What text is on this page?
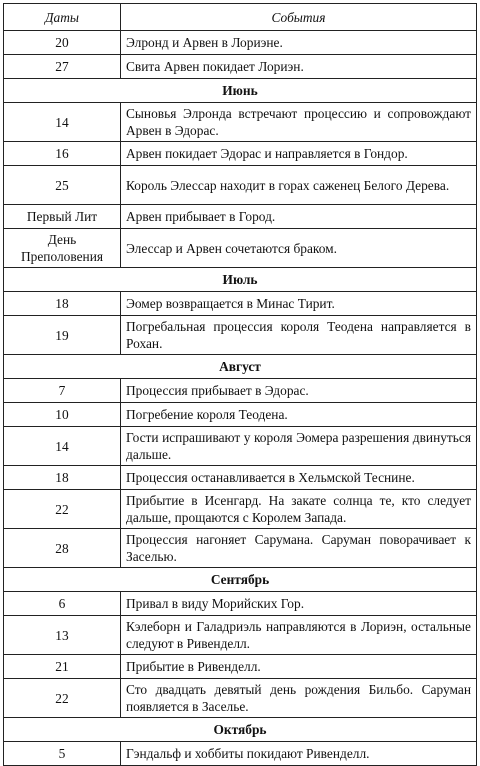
Даты	События
20	Элронд и Арвен в Лориэне.
27	Свита Арвен покидает Лориэн.
Июнь	
14	Сыновья Элронда встречают процессию и сопровождают Арвен в Эдорас.
16	Арвен покидает Эдорас и направляется в Гондор.
25	Король Элессар находит в горах саженец Белого Дерева.
Первый Лит	Арвен прибывает в Город.
День Преполовения	Элессар и Арвен сочетаются браком.
Июль	
18	Эомер возвращается в Минас Тирит.
19	Погребальная процессия короля Теодена направляется в Рохан.
Август	
7	Процессия прибывает в Эдорас.
10	Погребение короля Теодена.
14	Гости испрашивают у короля Эомера разрешения двинуться дальше.
18	Процессия останавливается в Хельмской Теснине.
22	Прибытие в Исенгард. На закате солнца те, кто следует дальше, прощаются с Королем Запада.
28	Процессия нагоняет Сарумана. Саруман поворачивает к Заселью.
Сентябрь	
6	Привал в виду Морийских Гор.
13	Кэлеборн и Галадриэль направляются в Лориэн, остальные следуют в Ривенделл.
21	Прибытие в Ривенделл.
22	Сто двадцать девятый день рождения Бильбо. Саруман появляется в Заселье.
Октябрь	
5	Гэндальф и хоббиты покидают Ривенделл.
